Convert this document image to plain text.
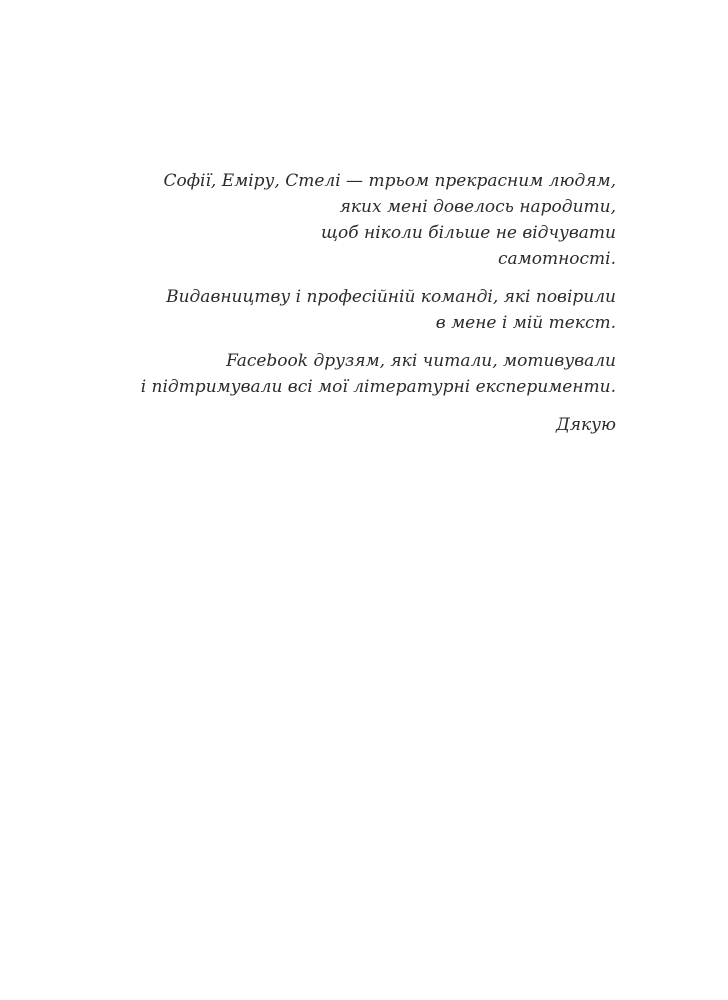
Софії, Еміру, Стелі — трьом прекрасним людям,
яких мені довелось народити,
щоб ніколи більше не відчувати
самотності.

Видавництву і професійній команді, які повірили
в мене і мій текст.

Facebook друзям, які читали, мотивували
і підтримували всі мої літературні експерименти.

Дякую
